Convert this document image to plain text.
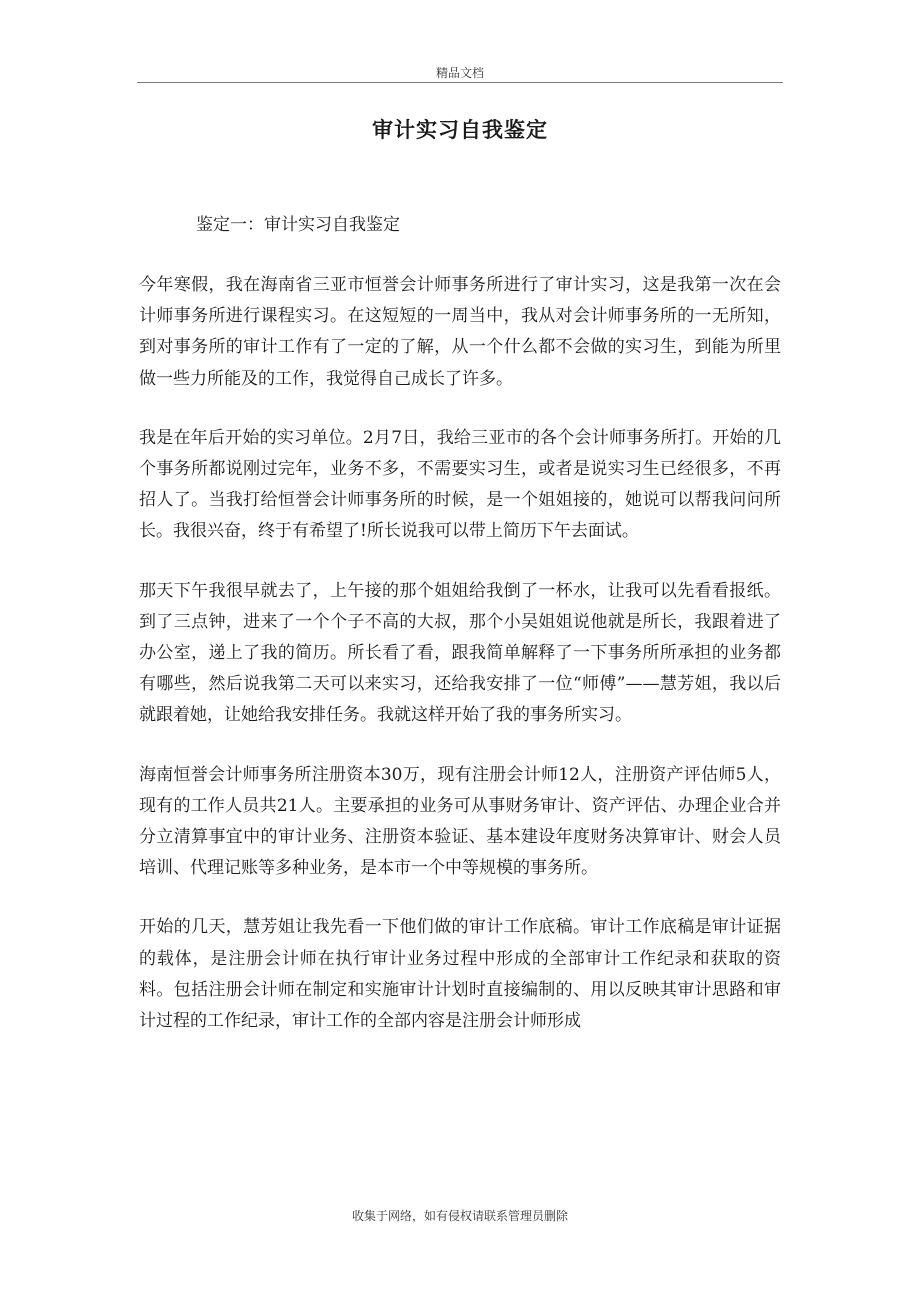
精品文档
审计实习自我鉴定
鉴定一：审计实习自我鉴定

今年寒假，我在海南省三亚市恒誉会计师事务所进行了审计实习，这是我第一次在会计师事务所进行课程实习。在这短短的一周当中，我从对会计师事务所的一无所知，到对事务所的审计工作有了一定的了解，从一个什么都不会做的实习生，到能为所里做一些力所能及的工作，我觉得自己成长了许多。

我是在年后开始的实习单位。2月7日，我给三亚市的各个会计师事务所打。开始的几个事务所都说刚过完年，业务不多，不需要实习生，或者是说实习生已经很多，不再招人了。当我打给恒誉会计师事务所的时候，是一个姐姐接的，她说可以帮我问问所长。我很兴奋，终于有希望了!所长说我可以带上简历下午去面试。

那天下午我很早就去了，上午接的那个姐姐给我倒了一杯水，让我可以先看看报纸。到了三点钟，进来了一个个子不高的大叔，那个小吴姐姐说他就是所长，我跟着进了办公室，递上了我的简历。所长看了看，跟我简单解释了一下事务所所承担的业务都有哪些，然后说我第二天可以来实习，还给我安排了一位“师傅”——慧芳姐，我以后就跟着她，让她给我安排任务。我就这样开始了我的事务所实习。

海南恒誉会计师事务所注册资本30万，现有注册会计师12人，注册资产评估师5人，现有的工作人员共21人。主要承担的业务可从事财务审计、资产评估、办理企业合并分立清算事宜中的审计业务、注册资本验证、基本建设年度财务决算审计、财会人员培训、代理记账等多种业务，是本市一个中等规模的事务所。

开始的几天，慧芳姐让我先看一下他们做的审计工作底稿。审计工作底稿是审计证据的载体，是注册会计师在执行审计业务过程中形成的全部审计工作纪录和获取的资料。包括注册会计师在制定和实施审计计划时直接编制的、用以反映其审计思路和审计过程的工作纪录，审计工作的全部内容是注册会计师形成

收集于网络，如有侵权请联系管理员删除
